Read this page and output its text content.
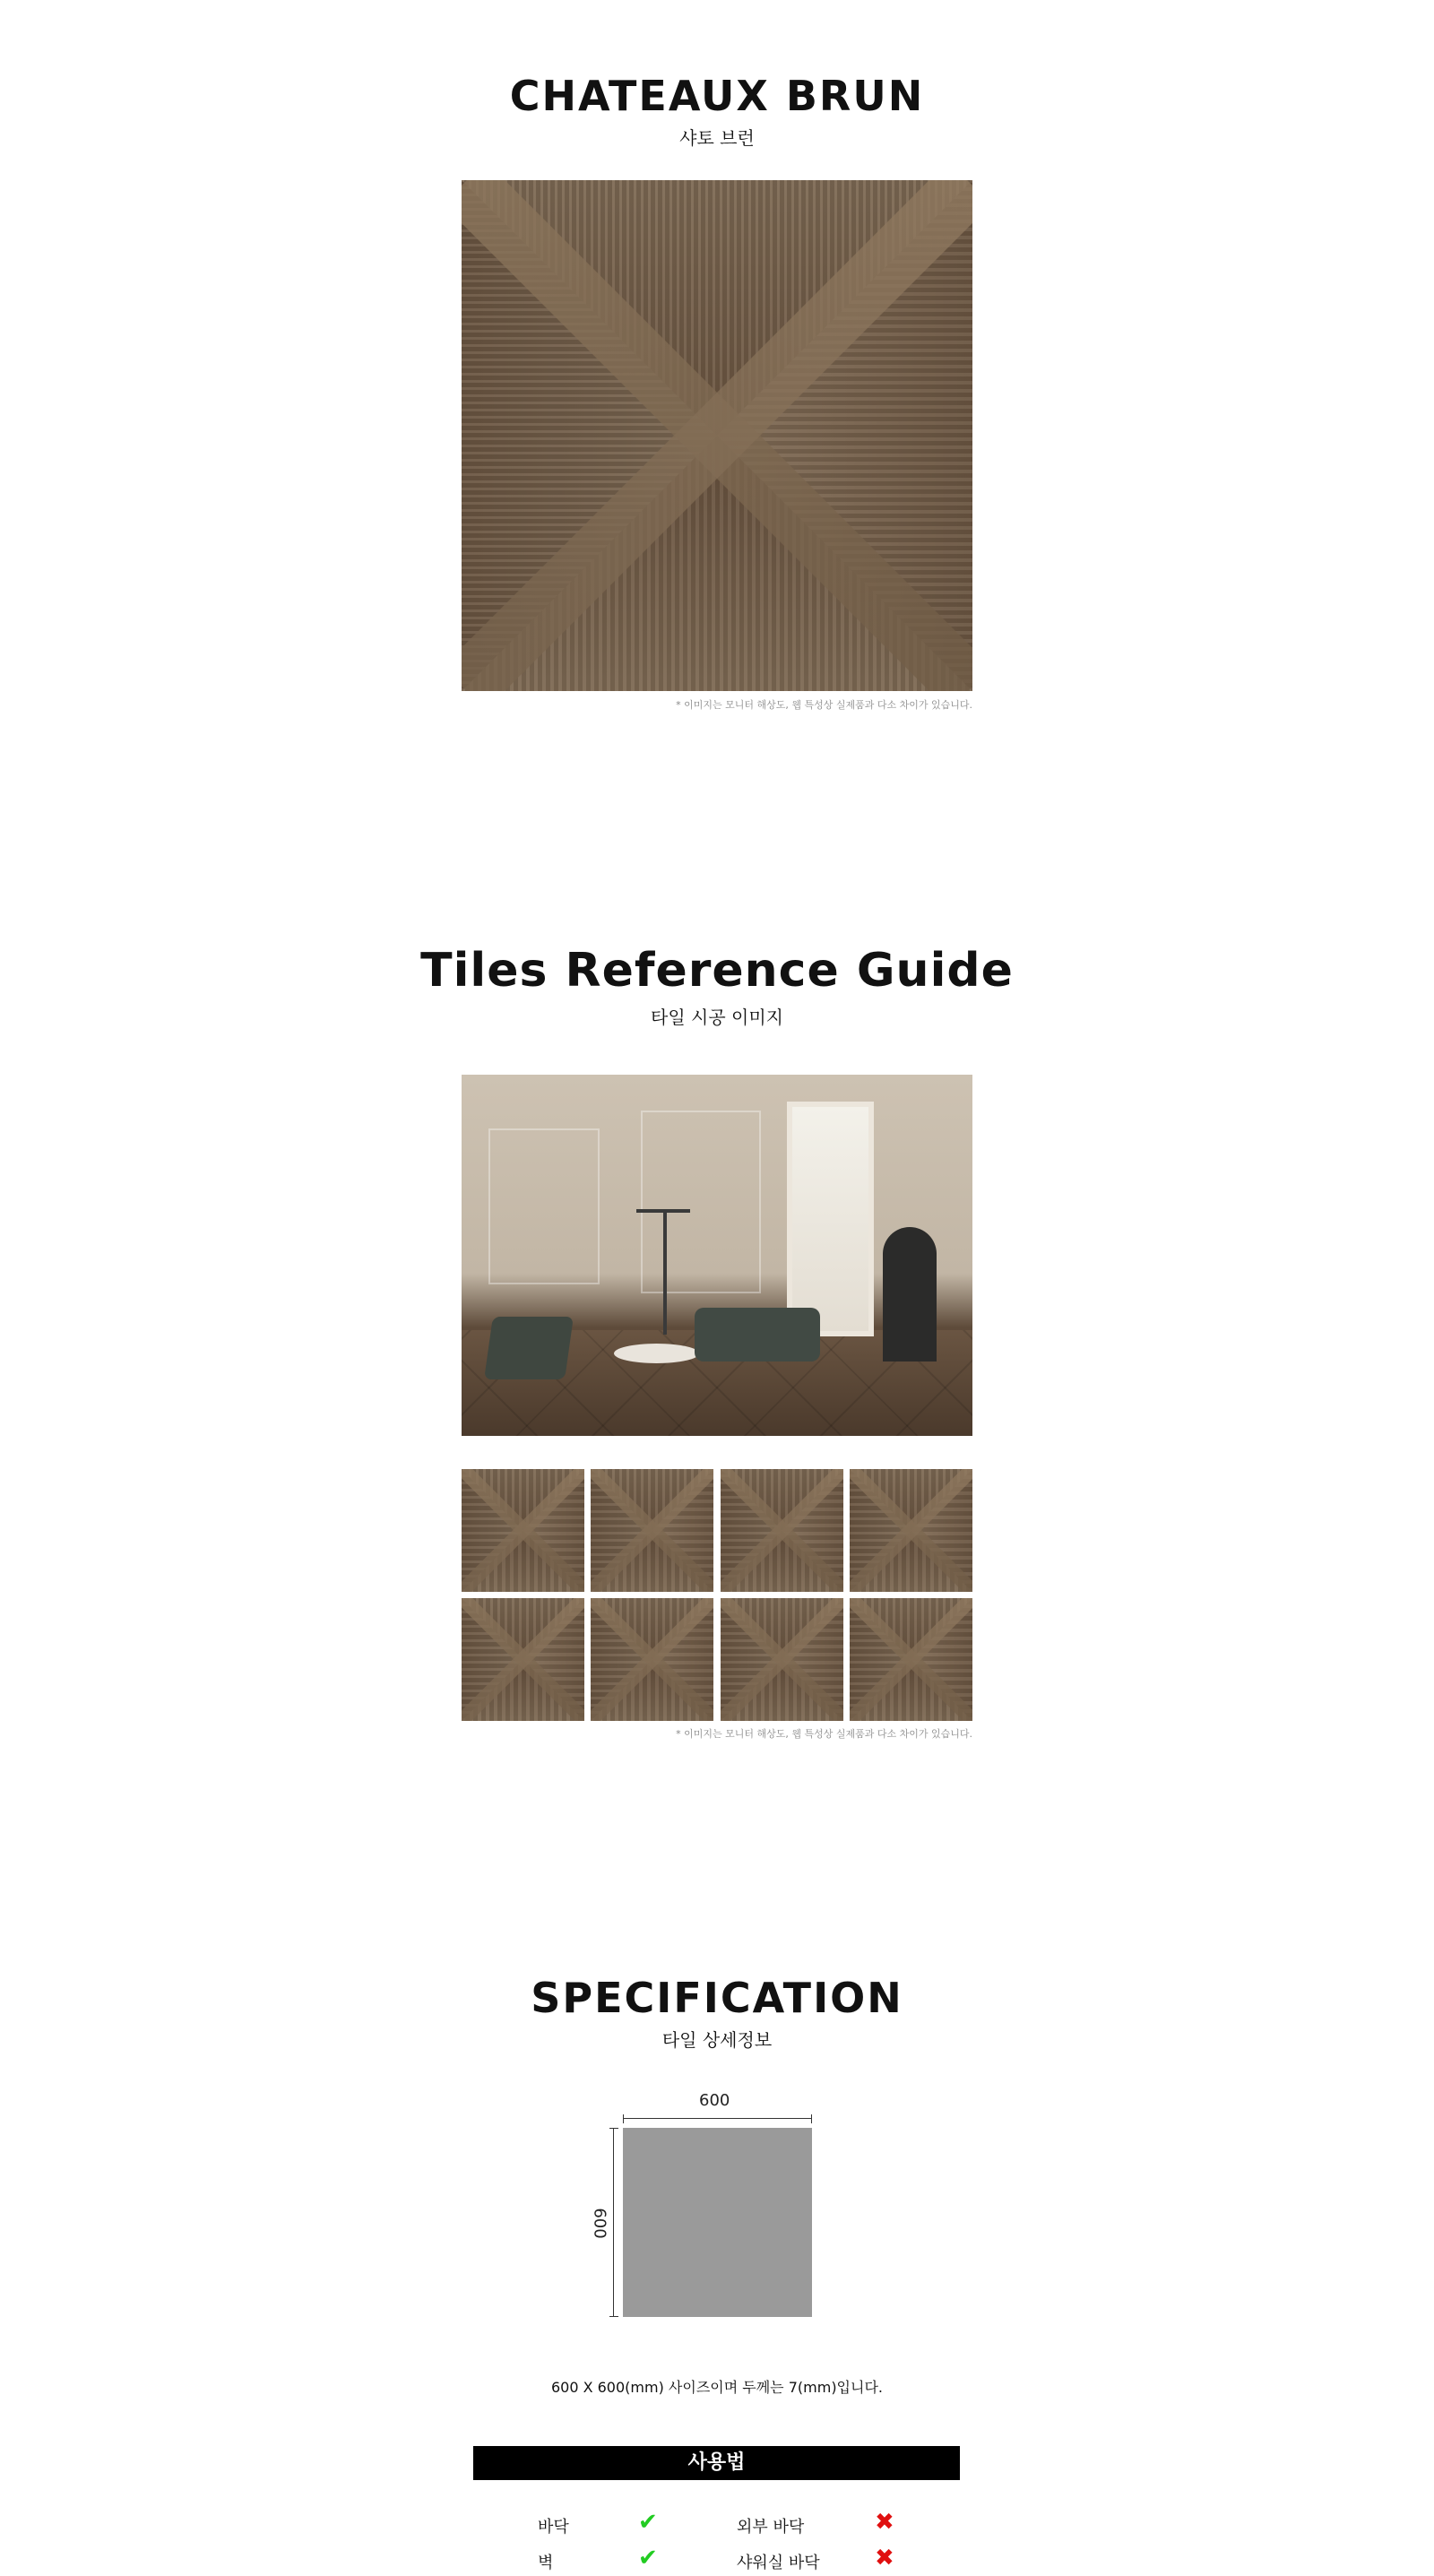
CHATEAUX BRUN

샤토 브런

* 이미지는 모니터 해상도, 웹 특성상 실제품과 다소 차이가 있습니다.
Tiles Reference Guide

타일 시공 이미지

* 이미지는 모니터 해상도, 웹 특성상 실제품과 다소 차이가 있습니다.
SPECIFICATION

타일 상세정보

600
600
600 X 600(mm) 사이즈이며 두께는 7(mm)입니다.
사용법
바닥	✔	외부 바닥	✖
벽	✔	샤워실 바닥 ✖
